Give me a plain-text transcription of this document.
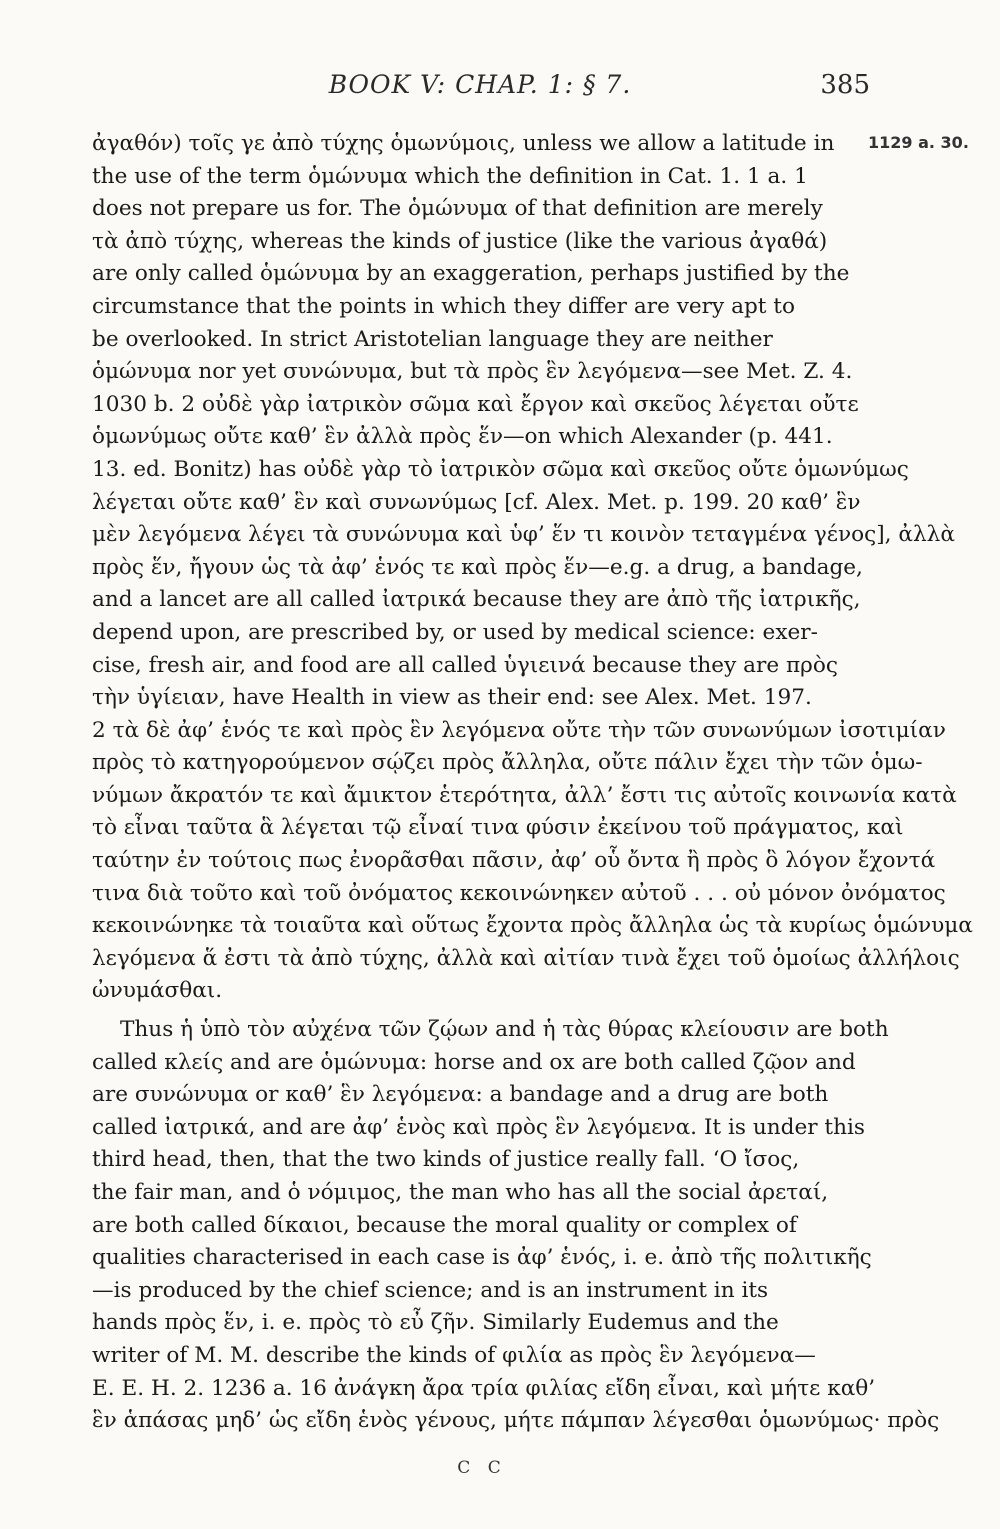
BOOK V: CHAP. 1: § 7.	385
1129 a. 30.
ἀγαθόν) τοῖς γε ἀπὸ τύχης ὁμωνύμοις, unless we allow a latitude in
the use of the term ὁμώνυμα which the definition in Cat. 1. 1 a. 1
does not prepare us for. The ὁμώνυμα of that definition are merely
τὰ ἀπὸ τύχης, whereas the kinds of justice (like the various ἀγαθά)
are only called ὁμώνυμα by an exaggeration, perhaps justified by the
circumstance that the points in which they differ are very apt to
be overlooked. In strict Aristotelian language they are neither
ὁμώνυμα nor yet συνώνυμα, but τὰ πρὸς ἓν λεγόμενα—see Met. Z. 4.
1030 b. 2 οὐδὲ γὰρ ἰατρικὸν σῶμα καὶ ἔργον καὶ σκεῦος λέγεται οὔτε
ὁμωνύμως οὔτε καθ’ ἓν ἀλλὰ πρὸς ἕν—on which Alexander (p. 441.
13. ed. Bonitz) has οὐδὲ γὰρ τὸ ἰατρικὸν σῶμα καὶ σκεῦος οὔτε ὁμωνύμως
λέγεται οὔτε καθ’ ἓν καὶ συνωνύμως [cf. Alex. Met. p. 199. 20 καθ’ ἓν
μὲν λεγόμενα λέγει τὰ συνώνυμα καὶ ὑφ’ ἕν τι κοινὸν τεταγμένα γένος], ἀλλὰ
πρὸς ἕν, ἤγουν ὡς τὰ ἀφ’ ἑνός τε καὶ πρὸς ἕν—e.g. a drug, a bandage,
and a lancet are all called ἰατρικά because they are ἀπὸ τῆς ἰατρικῆς,
depend upon, are prescribed by, or used by medical science: exer-
cise, fresh air, and food are all called ὑγιεινά because they are πρὸς
τὴν ὑγίειαν, have Health in view as their end: see Alex. Met. 197.
2 τὰ δὲ ἀφ’ ἑνός τε καὶ πρὸς ἓν λεγόμενα οὔτε τὴν τῶν συνωνύμων ἰσοτιμίαν
πρὸς τὸ κατηγορούμενον σῴζει πρὸς ἄλληλα, οὔτε πάλιν ἔχει τὴν τῶν ὁμω-
νύμων ἄκρατόν τε καὶ ἄμικτον ἑτερότητα, ἀλλ’ ἔστι τις αὐτοῖς κοινωνία κατὰ
τὸ εἶναι ταῦτα ἃ λέγεται τῷ εἶναί τινα φύσιν ἐκείνου τοῦ πράγματος, καὶ
ταύτην ἐν τούτοις πως ἐνορᾶσθαι πᾶσιν, ἀφ’ οὗ ὄντα ἢ πρὸς ὃ λόγον ἔχοντά
τινα διὰ τοῦτο καὶ τοῦ ὀνόματος κεκοινώνηκεν αὐτοῦ . . . οὐ μόνον ὀνόματος
κεκοινώνηκε τὰ τοιαῦτα καὶ οὕτως ἔχοντα πρὸς ἄλληλα ὡς τὰ κυρίως ὁμώνυμα
λεγόμενα ἅ ἐστι τὰ ἀπὸ τύχης, ἀλλὰ καὶ αἰτίαν τινὰ ἔχει τοῦ ὁμοίως ἀλλήλοις
ὠνυμάσθαι.
Thus ἡ ὑπὸ τὸν αὐχένα τῶν ζῴων and ἡ τὰς θύρας κλείουσιν are both
called κλείς and are ὁμώνυμα: horse and ox are both called ζῷον and
are συνώνυμα or καθ’ ἓν λεγόμενα: a bandage and a drug are both
called ἰατρικά, and are ἀφ’ ἑνὸς καὶ πρὸς ἓν λεγόμενα. It is under this
third head, then, that the two kinds of justice really fall. ‘Ο ἴσος,
the fair man, and ὁ νόμιμος, the man who has all the social ἀρεταί,
are both called δίκαιοι, because the moral quality or complex of
qualities characterised in each case is ἀφ’ ἑνός, i. e. ἀπὸ τῆς πολιτικῆς
—is produced by the chief science; and is an instrument in its
hands πρὸς ἕν, i. e. πρὸς τὸ εὖ ζῆν. Similarly Eudemus and the
writer of M. M. describe the kinds of φιλία as πρὸς ἓν λεγόμενα—
E. E. H. 2. 1236 a. 16 ἀνάγκη ἄρα τρία φιλίας εἴδη εἶναι, καὶ μήτε καθ’
ἓν ἁπάσας μηδ’ ὡς εἴδη ἑνὸς γένους, μήτε πάμπαν λέγεσθαι ὁμωνύμως· πρὸς
C C
